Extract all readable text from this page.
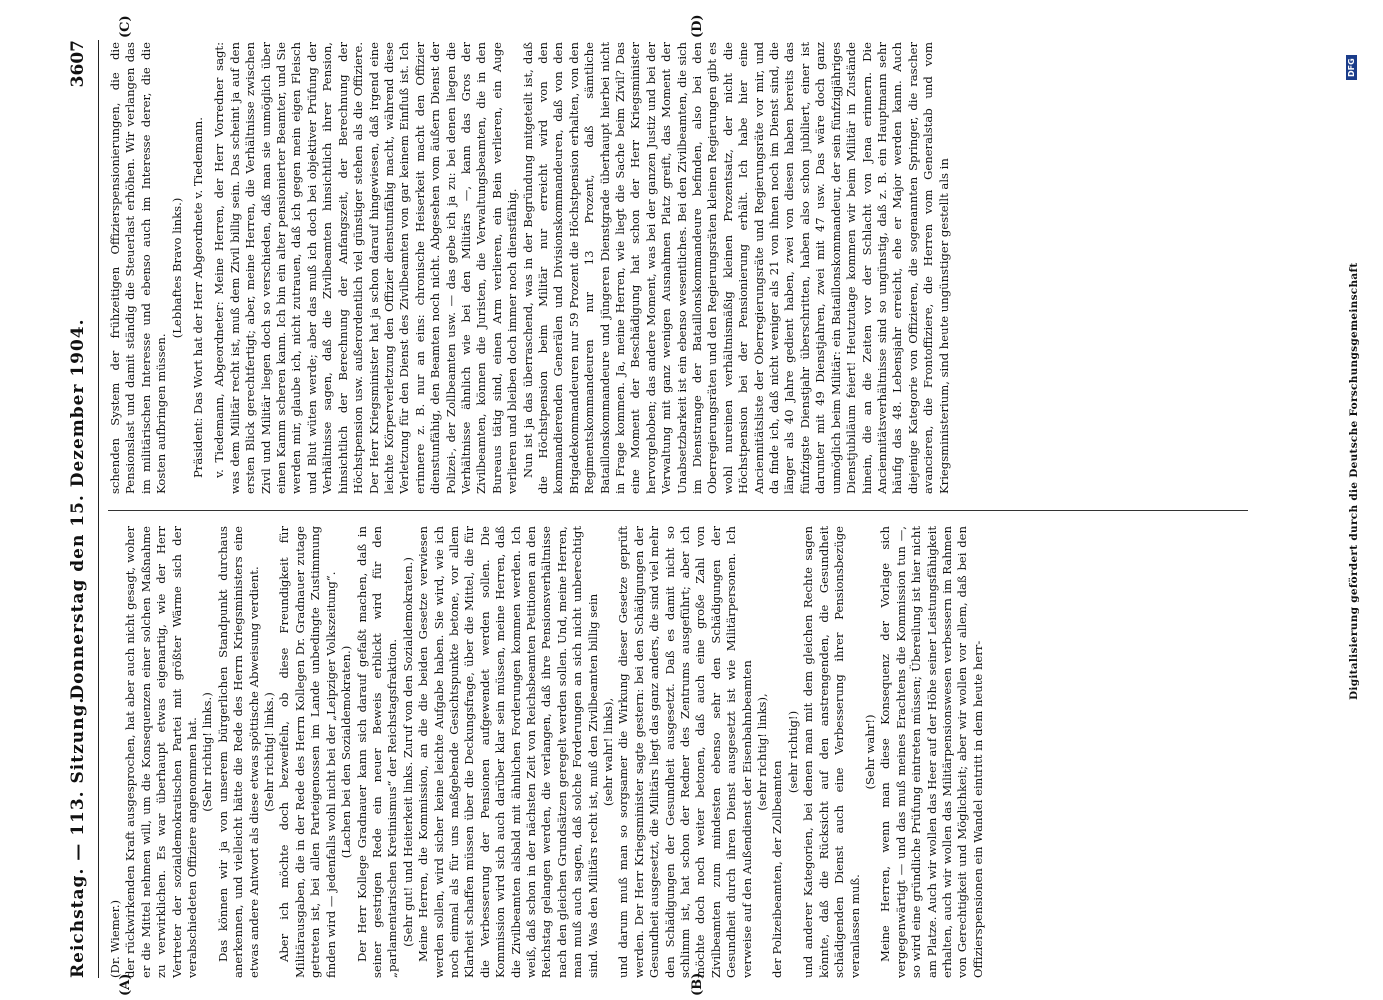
Reichstag. — 113. Sitzung.
Donnerstag den 15. Dezember 1904.
3607
(A)	(B)
(C)	(D)

(Dr. Wiemer.) der rückwirkenden Kraft ausgesprochen, hat aber auch nicht gesagt, woher er die Mittel nehmen will, um die Konsequenzen einer solchen Maßnahme zu verwirklichen. Es war überhaupt etwas eigenartig, wie der Herr Vertreter der sozialdemokratischen Partei mit größter Wärme sich der verabschiedeten Offiziere angenommen hat. (Sehr richtig! links.) Das können wir ja von unserem bürgerlichen Standpunkt durchaus anerkennen, und vielleicht hätte die Rede des Herrn Kriegsministers eine etwas andere Antwort als diese etwas spöttische Abweisung verdient. (Sehr richtig! links.) Aber ich möchte doch bezweifeln, ob diese Freundigkeit für Militärausgaben, die in der Rede des Herrn Kollegen Dr. Gradnauer zutage getreten ist, bei allen Parteigenossen im Lande unbedingte Zustimmung finden wird — jedenfalls wohl nicht bei der „Leipziger Volkszeitung“. (Lachen bei den Sozialdemokraten.) Der Herr Kollege Gradnauer kann sich darauf gefaßt machen, daß in seiner gestrigen Rede ein neuer Beweis erblickt wird für den „parlamentarischen Kretinismus“ der Reichstagsfraktion. (Sehr gut! und Heiterkeit links. Zuruf von den Sozialdemokraten.) Meine Herren, die Kommission, an die die beiden Gesetze verwiesen werden sollen, wird sicher keine leichte Aufgabe haben. Sie wird, wie ich noch einmal als für uns maßgebende Gesichtspunkte betone, vor allem Klarheit schaffen müssen über die Deckungsfrage, über die Mittel, die für die Verbesserung der Pensionen aufgewendet werden sollen. Die Kommission wird sich auch darüber klar sein müssen, meine Herren, daß die Zivilbeamten alsbald mit ähnlichen Forderungen kommen werden. Ich weiß, daß schon in der nächsten Zeit von Reichsbeamten Petitionen an den Reichstag gelangen werden, die verlangen, daß ihre Pensionsverhältnisse nach den gleichen Grundsätzen geregelt werden sollen. Und, meine Herren, man muß auch sagen, daß solche Forderungen an sich nicht unberechtigt sind. Was den Militärs recht ist, muß den Zivilbeamten billig sein (sehr wahr! links), und darum muß man so sorgsamer die Wirkung dieser Gesetze geprüft werden. Der Herr Kriegsminister sagte gestern: bei den Schädigungen der Gesundheit ausgesetzt, die Militärs liegt das ganz anders, die sind viel mehr den Schädigungen der Gesundheit ausgesetzt. Daß es damit nicht so schlimm ist, hat schon der Redner des Zentrums ausgeführt; aber ich möchte doch noch weiter betonen, daß auch eine große Zahl von Zivilbeamten zum mindesten ebenso sehr den Schädigungen der Gesundheit durch ihren Dienst ausgesetzt ist wie Militärpersonen. Ich verweise auf den Außendienst der Eisenbahnbeamten (sehr richtig! links),

der Polizeibeamten, der Zollbeamten

(sehr richtig!) und anderer Kategorien, bei denen man mit dem gleichen Rechte sagen könnte, daß die Rücksicht auf den anstrengenden, die Gesundheit schädigenden Dienst auch eine Verbesserung ihrer Pensionsbezüge veranlassen muß.

(Sehr wahr!) Meine Herren, wenn man diese Konsequenz der Vorlage sich vergegenwärtigt — und das muß meines Erachtens die Kommission tun —, so wird eine gründliche Prüfung eintreten müssen; Übereilung ist hier nicht am Platze. Auch wir wollen das Heer auf der Höhe seiner Leistungsfähigkeit erhalten, auch wir wollen das Militärpensionswesen verbessern im Rahmen von Gerechtigkeit und Möglichkeit; aber wir wollen vor allem, daß bei den Offizierspensionen ein Wandel eintritt in dem heute herr-

schenden System der frühzeitigen Offizierspensionierungen, die die Pensionslast und damit ständig die Steuerlast erhöhen. Wir verlangen das im militärischen Interesse und ebenso auch im Interesse derer, die die Kosten aufbringen müssen.

(Lebhaftes Bravo links.) Präsident: Das Wort hat der Herr Abgeordnete v. Tiedemann. v. Tiedemann, Abgeordneter: Meine Herren, der Herr Vorredner sagt: was dem Militär recht ist, muß dem Zivil billig sein. Das scheint ja auf den ersten Blick gerechtfertigt; aber, meine Herren, die Verhältnisse zwischen Zivil und Militär liegen doch so verschieden, daß man sie unmöglich über einen Kamm scheren kann. Ich bin ein alter pensionierter Beamter, und Sie werden mir, glaube ich, nicht zutrauen, daß ich gegen mein eigen Fleisch und Blut wüten werde; aber das muß ich doch bei objektiver Prüfung der Verhältnisse sagen, daß die Zivilbeamten hinsichtlich ihrer Pension, hinsichtlich der Berechnung der Anfangszeit, der Berechnung der Höchstpension usw. außerordentlich viel günstiger stehen als die Offiziere. Der Herr Kriegsminister hat ja schon darauf hingewiesen, daß irgend eine leichte Körperverletzung den Offizier dienstunfähig macht, während diese Verletzung für den Dienst des Zivilbeamten von gar keinem Einfluß ist. Ich erinnere z. B. nur an eins: chronische Heiserkeit macht den Offizier dienstunfähig, den Beamten noch nicht. Abgesehen vom äußern Dienst der Polizei-, der Zollbeamten usw. — das gebe ich ja zu: bei denen liegen die Verhältnisse ähnlich wie bei den Militärs —, kann das Gros der Zivilbeamten, können die Juristen, die Verwaltungsbeamten, die in den Bureaus tätig sind, einen Arm verlieren, ein Bein verlieren, ein Auge verlieren und bleiben doch immer noch dienstfähig. Nun ist ja das überraschend, was in der Begründung mitgeteilt ist, daß die Höchstpension beim Militär nur erreicht wird von den kommandierenden Generälen und Divisionskommandeuren, daß von den Brigadekommandeuren nur 59 Prozent die Höchstpension erhalten, von den Regimentskommandeuren nur 13 Prozent, daß sämtliche Bataillonskommandeure und jüngeren Dienstgrade überhaupt hierbei nicht in Frage kommen. Ja, meine Herren, wie liegt die Sache beim Zivil? Das eine Moment der Beschädigung hat schon der Herr Kriegsminister hervorgehoben; das andere Moment, was bei der ganzen Justiz und bei der Verwaltung mit ganz wenigen Ausnahmen Platz greift, das Moment der Unabsetzbarkeit ist ein ebenso wesentliches. Bei den Zivilbeamten, die sich im Dienstrange der Bataillonskommandeure befinden, also bei den Oberregierungsräten und den Regierungsräten kleinen Regierungen gibt es wohl nureinen verhältnismäßig kleinen Prozentsatz, der nicht die Höchstpension bei der Pensionierung erhält. Ich habe hier eine Anciennitätsliste der Oberregierungsräte und Regierungsräte vor mir, und da finde ich, daß nicht weniger als 21 von ihnen noch im Dienst sind, die länger als 40 Jahre gedient haben, zwei von diesen haben bereits das fünfzigste Dienstjahr überschritten, haben also schon jubiliert, einer ist darunter mit 49 Dienstjahren, zwei mit 47 usw. Das wäre doch ganz unmöglich beim Militär: ein Bataillonskommandeur, der sein fünfzigjähriges Dienstjubiläum feiert! Heutzutage kommen wir beim Militär in Zustände hinein, die an die Zeiten vor der Schlacht von Jena erinnern. Die Anciennitätsverhältnisse sind so ungünstig, daß z. B. ein Hauptmann sehr häufig das 48. Lebensjahr erreicht, ehe er Major werden kann. Auch diejenige Kategorie von Offizieren, die sogenannten Springer, die rascher avancieren, die Frontoffiziere, die Herren vom Generalstab und vom Kriegsministerium, sind heute ungünstiger gestellt als in	Digitalisierung gefördert durch die Deutsche Forschungsgemeinschaft
DFG
